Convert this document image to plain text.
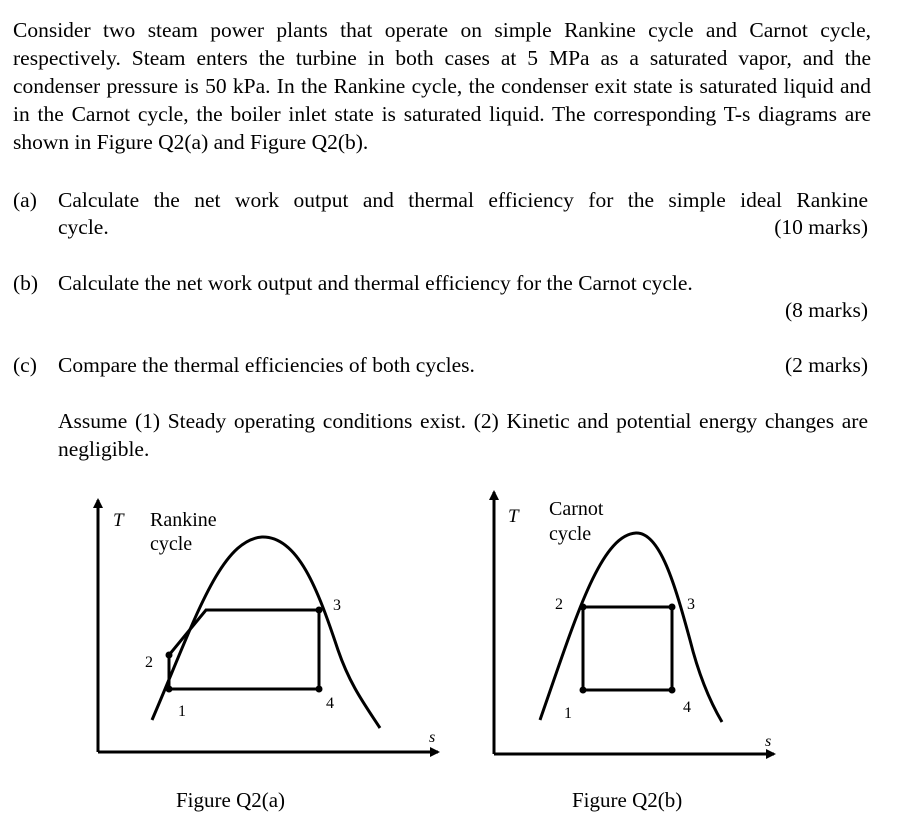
Consider two steam power plants that operate on simple Rankine cycle and Carnot cycle, respectively. Steam enters the turbine in both cases at 5 MPa as a saturated vapor, and the condenser pressure is 50 kPa. In the Rankine cycle, the condenser exit state is saturated liquid and in the Carnot cycle, the boiler inlet state is saturated liquid. The corresponding T-s diagrams are shown in Figure Q2(a) and Figure Q2(b).
(a) Calculate the net work output and thermal efficiency for the simple ideal Rankine
cycle.	(10 marks)
(b) Calculate the net work output and thermal efficiency for the Carnot cycle.
(8 marks)
(c) Compare the thermal efficiencies of both cycles.	(2 marks)
Assume (1) Steady operating conditions exist. (2) Kinetic and potential energy changes are negligible.
T Rankine
cycle
s
1
2
3
4
T Carnot
cycle
s
1
2	3
4
Figure Q2(a)	Figure Q2(b)
